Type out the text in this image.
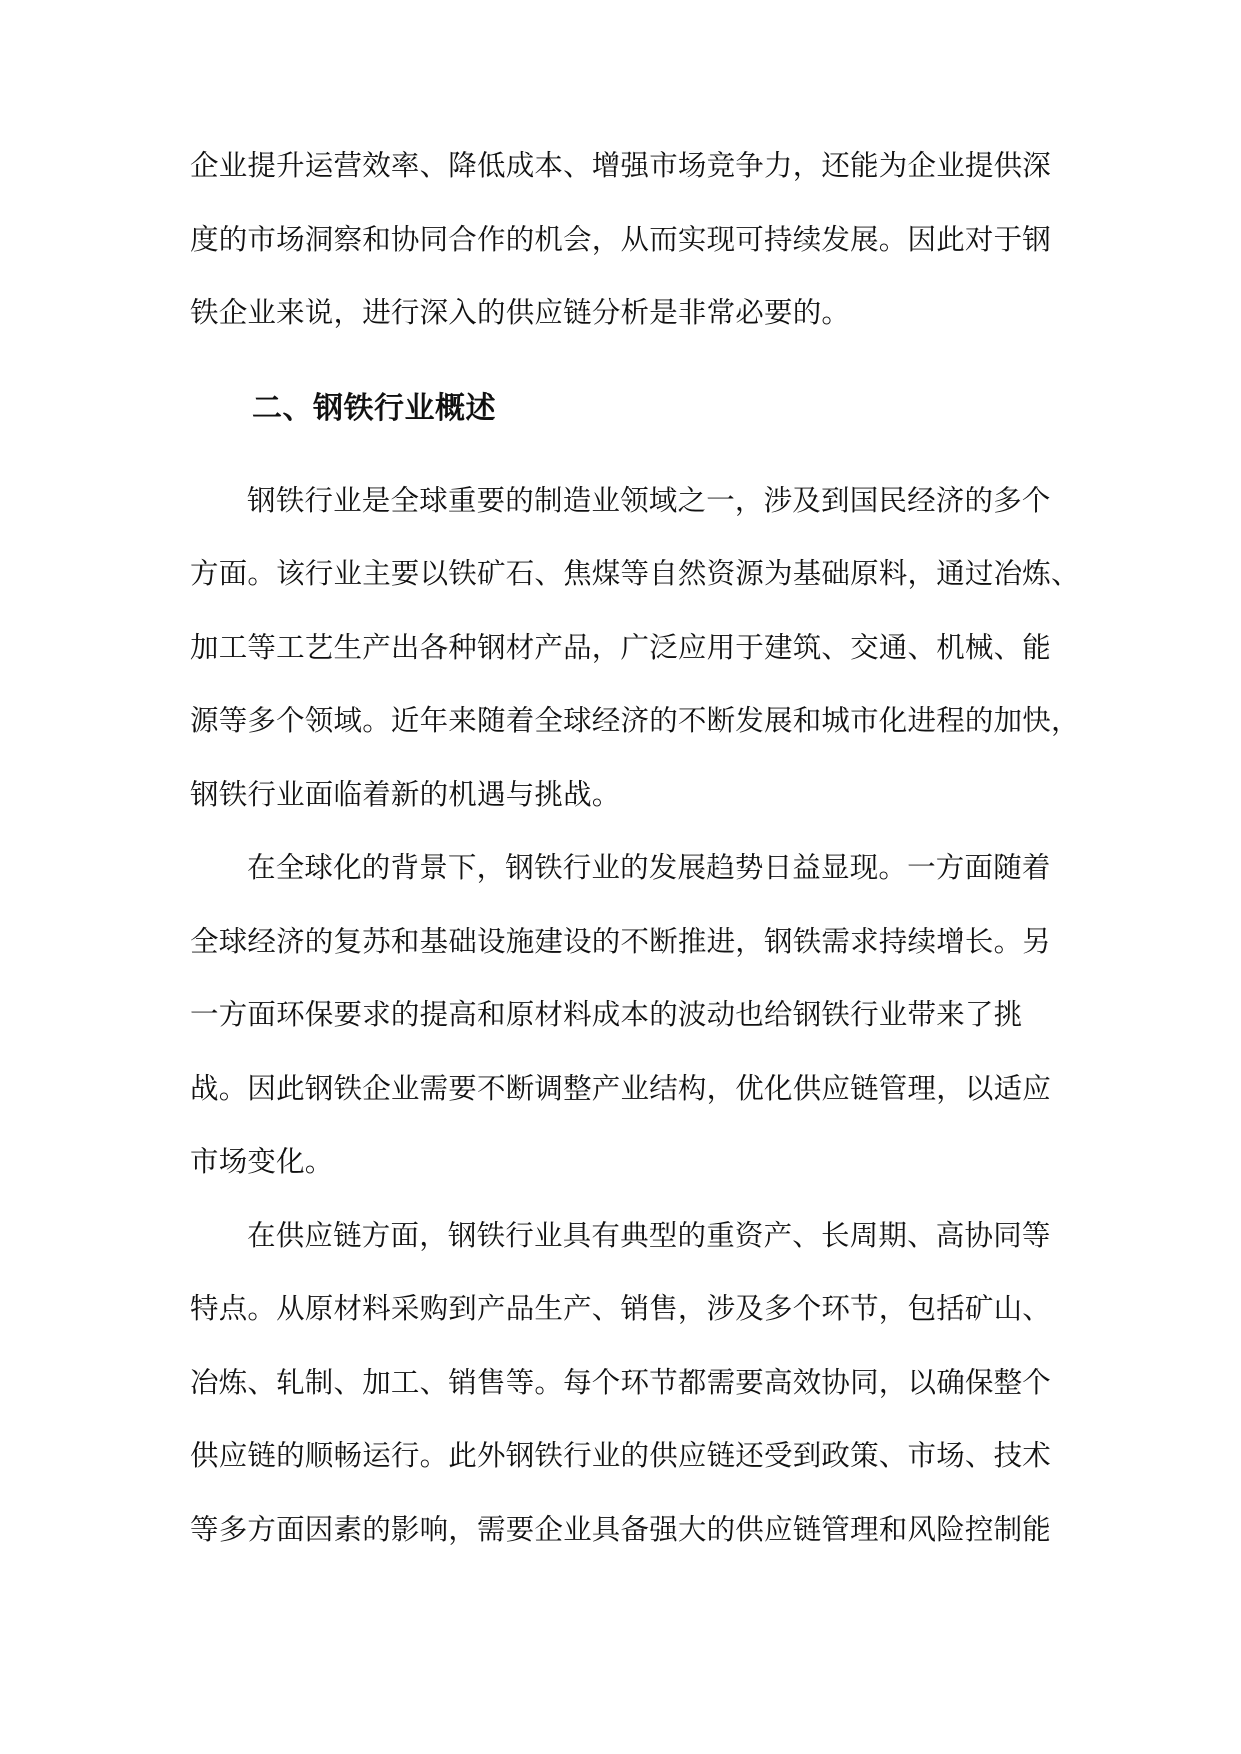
企业提升运营效率、降低成本、增强市场竞争力，还能为企业提供深
度的市场洞察和协同合作的机会，从而实现可持续发展。因此对于钢
铁企业来说，进行深入的供应链分析是非常必要的。
二、钢铁行业概述
钢铁行业是全球重要的制造业领域之一，涉及到国民经济的多个
方面。该行业主要以铁矿石、焦煤等自然资源为基础原料，通过冶炼、
加工等工艺生产出各种钢材产品，广泛应用于建筑、交通、机械、能
源等多个领域。近年来随着全球经济的不断发展和城市化进程的加快，
钢铁行业面临着新的机遇与挑战。
在全球化的背景下，钢铁行业的发展趋势日益显现。一方面随着
全球经济的复苏和基础设施建设的不断推进，钢铁需求持续增长。另
一方面环保要求的提高和原材料成本的波动也给钢铁行业带来了挑
战。因此钢铁企业需要不断调整产业结构，优化供应链管理，以适应
市场变化。
在供应链方面，钢铁行业具有典型的重资产、长周期、高协同等
特点。从原材料采购到产品生产、销售，涉及多个环节，包括矿山、
冶炼、轧制、加工、销售等。每个环节都需要高效协同，以确保整个
供应链的顺畅运行。此外钢铁行业的供应链还受到政策、市场、技术
等多方面因素的影响，需要企业具备强大的供应链管理和风险控制能
